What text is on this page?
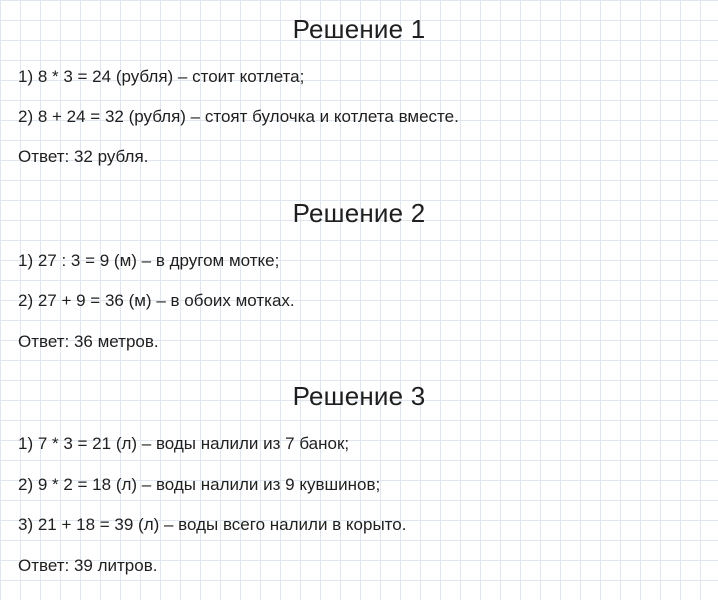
Решение 1

1) 8 * 3 = 24 (рубля) – стоит котлета;

2) 8 + 24 = 32 (рубля) – стоят булочка и котлета вместе.

Ответ: 32 рубля.

Решение 2

1) 27 : 3 = 9 (м) – в другом мотке;

2) 27 + 9 = 36 (м) – в обоих мотках.

Ответ: 36 метров.

Решение 3

1) 7 * 3 = 21 (л) – воды налили из 7 банок;

2) 9 * 2 = 18 (л) – воды налили из 9 кувшинов;

3) 21 + 18 = 39 (л) – воды всего налили в корыто.

Ответ: 39 литров.
